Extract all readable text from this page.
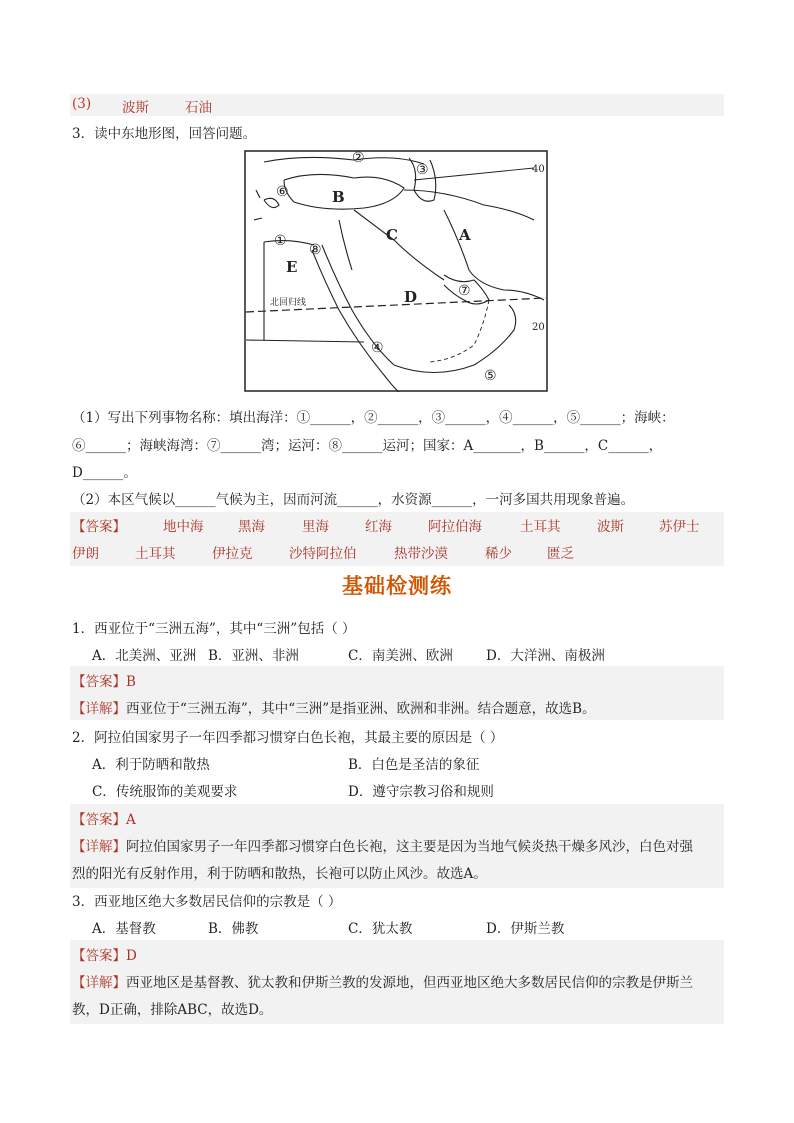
(3) 波斯	石油
3．读中东地形图，回答问题。
B
A
C
D
E
北回归线
40
20
①
②
③
④
⑤
⑥
⑦
⑧
（1）写出下列事物名称：填出海洋：①______，②______，③______，④______，⑤______；海峡：
⑥______；海峡海湾：⑦______湾；运河：⑧______运河；国家：A_______，B______，C______，
D______。
（2）本区气候以______气候为主，因而河流______，水资源______，一河多国共用现象普遍。
【答案】	地中海	黑海	里海	红海	阿拉伯海	土耳其	波斯	苏伊士
伊朗	土耳其	伊拉克	沙特阿拉伯	热带沙漠	稀少	匮乏
基础检测练
1．西亚位于“三洲五海”，其中“三洲”包括（ ）
A．北美洲、亚洲 B．亚洲、非洲	C．南美洲、欧洲 D．大洋洲、南极洲
【答案】B
【详解】西亚位于“三洲五海”，其中“三洲”是指亚洲、欧洲和非洲。结合题意，故选B。
2．阿拉伯国家男子一年四季都习惯穿白色长袍，其最主要的原因是（ ）
A．利于防晒和散热	B．白色是圣洁的象征
C．传统服饰的美观要求	D．遵守宗教习俗和规则
【答案】A
【详解】阿拉伯国家男子一年四季都习惯穿白色长袍，这主要是因为当地气候炎热干燥多风沙，白色对强
烈的阳光有反射作用，利于防晒和散热，长袍可以防止风沙。故选A。
3．西亚地区绝大多数居民信仰的宗教是（ ）
A．基督教	B．佛教	C．犹太教	D．伊斯兰教
【答案】D
【详解】西亚地区是基督教、犹太教和伊斯兰教的发源地，但西亚地区绝大多数居民信仰的宗教是伊斯兰
教，D正确，排除ABC，故选D。
